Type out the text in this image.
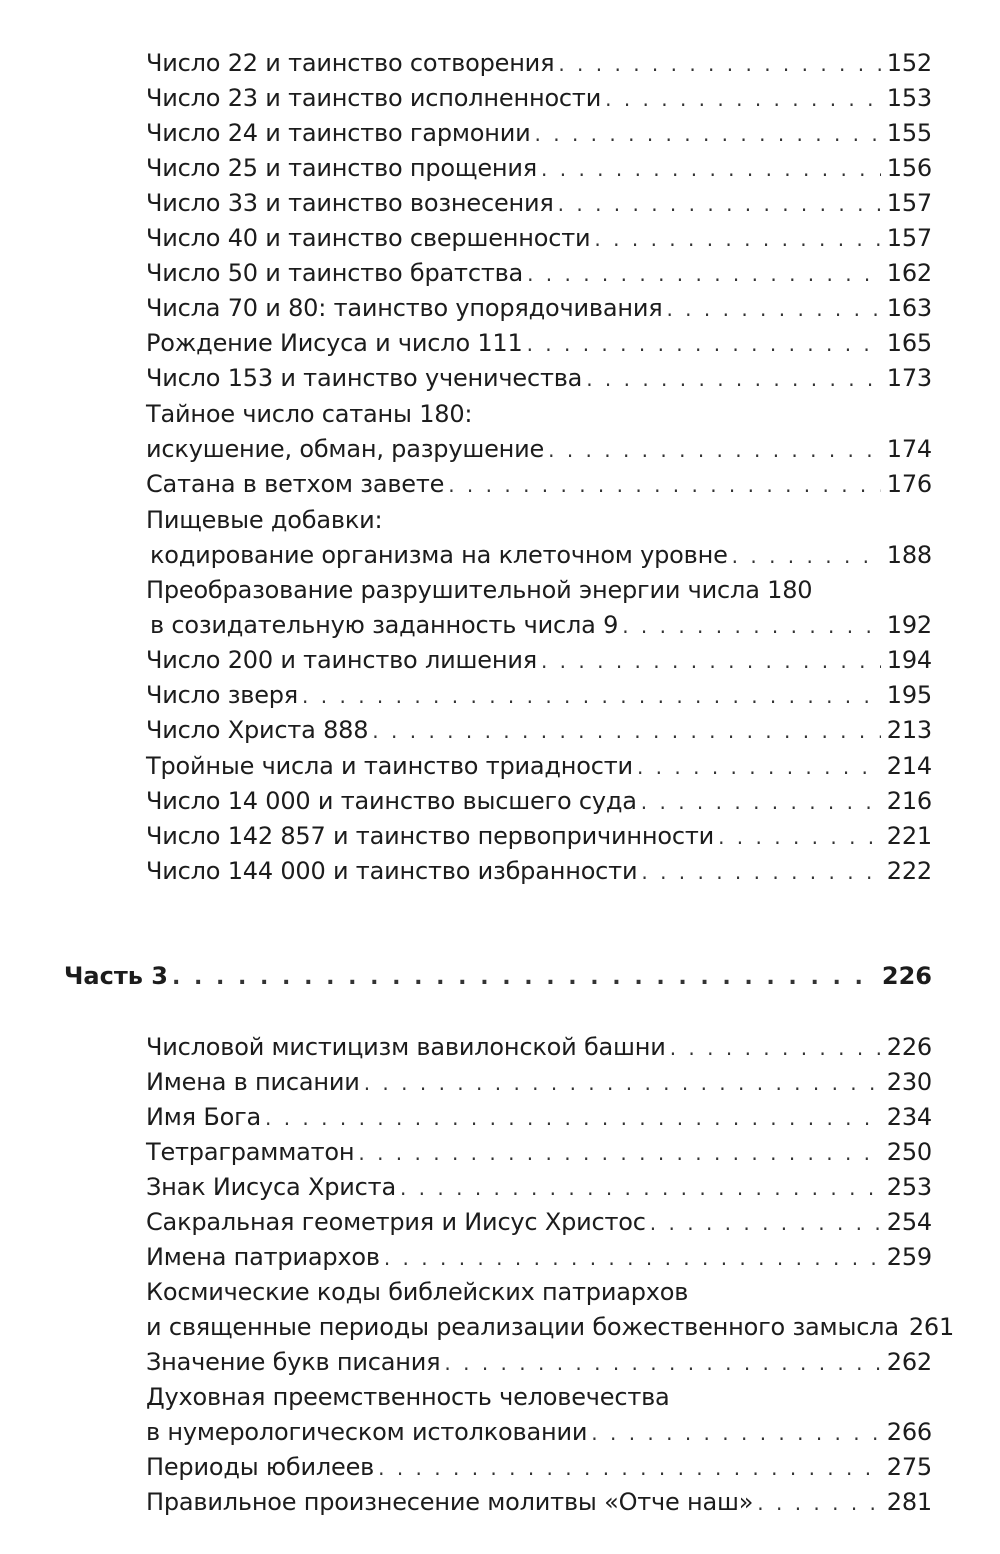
Число 22 и таинство сотворения . . .	152
Число 23 и таинство исполненности . . .	153
Число 24 и таинство гармонии . . .	155
Число 25 и таинство прощения . . .	156
Число 33 и таинство вознесения . . .	157
Число 40 и таинство свершенности . . .	157
Число 50 и таинство братства . . .	162
Числа 70 и 80: таинство упорядочивания . . .	163
Рождение Иисуса и число 111 . . .	165
Число 153 и таинство ученичества . . .	173
Тайное число сатаны 180:
искушение, обман, разрушение . . .	174
Сатана в ветхом завете . . .	176
Пищевые добавки:
кодирование организма на клеточном уровне . . .	188
Преобразование разрушительной энергии числа 180
в созидательную заданность числа 9 . . .	192
Число 200 и таинство лишения . . .	194
Число зверя . . .	195
Число Христа 888 . . .	213
Тройные числа и таинство триадности . . .	214
Число 14 000 и таинство высшего суда . . .	216
Число 142 857 и таинство первопричинности . . .	221
Число 144 000 и таинство избранности . . .	222
Часть 3 . . .	226
Числовой мистицизм вавилонской башни . . .	226
Имена в писании . . .	230
Имя Бога . . .	234
Тетраграмматон . . .	250
Знак Иисуса Христа . . .	253
Сакральная геометрия и Иисус Христос . . .	254
Имена патриархов . . .	259
Космические коды библейских патриархов
и священные периоды реализации божественного замысла 261
Значение букв писания . . .	262
Духовная преемственность человечества
в нумерологическом истолковании . . .	266
Периоды юбилеев . . .	275
Правильное произнесение молитвы «Отче наш» . . .	281
